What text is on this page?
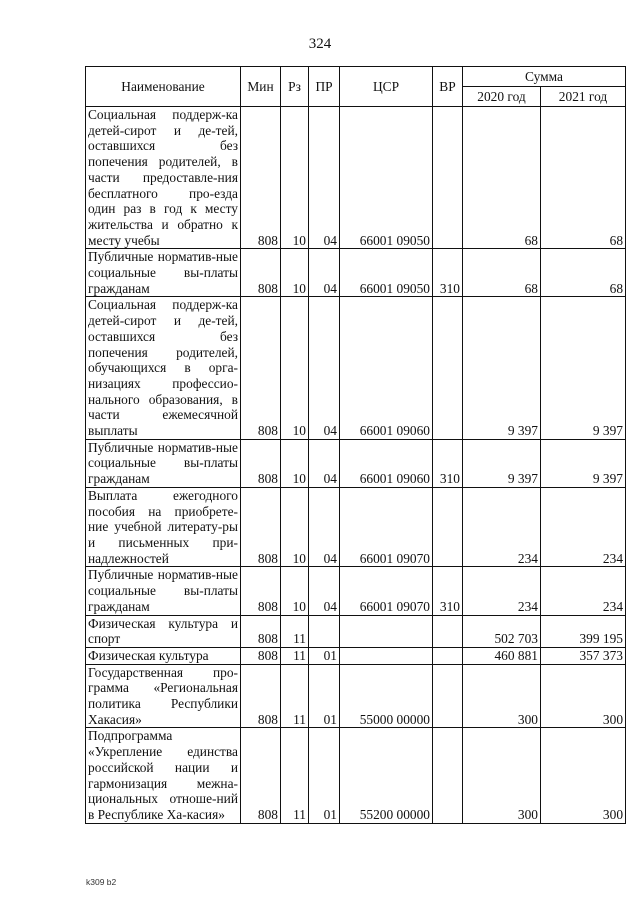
324
Наименование	Мин	Рз	ПР	ЦСР	ВР	Сумма	
						2020 год	2021 год
Социальная поддерж-ка детей-сирот и де-тей, оставшихся без попечения родителей, в части предоставле-ния бесплатного про-езда один раз в год к месту жительства и обратно к месту учебы	808	10	04	66001 09050		68	68
Публичные норматив-ные социальные вы-платы гражданам	808	10	04	66001 09050	310	68	68
Социальная поддерж-ка детей-сирот и де-тей, оставшихся без попечения родителей, обучающихся в орга-низациях профессио-нального образования, в части ежемесячной выплаты	808	10	04	66001 09060		9 397	9 397
Публичные норматив-ные социальные вы-платы гражданам	808	10	04	66001 09060	310	9 397	9 397
Выплата ежегодного пособия на приобрете-ние учебной литерату-ры и письменных при-надлежностей	808	10	04	66001 09070		234	234
Публичные норматив-ные социальные вы-платы гражданам	808	10	04	66001 09070	310	234	234
Физическая культура и спорт	808	11				502 703	399 195
Физическая культура	808	11	01			460 881	357 373
Государственная про-грамма «Региональная политика Республики Хакасия»	808	11	01	55000 00000		300	300
Подпрограмма «Укрепление единства российской нации и гармонизация межна-циональных отноше-ний в Республике Ха-касия»	808	11	01	55200 00000		300	300
k309 b2
